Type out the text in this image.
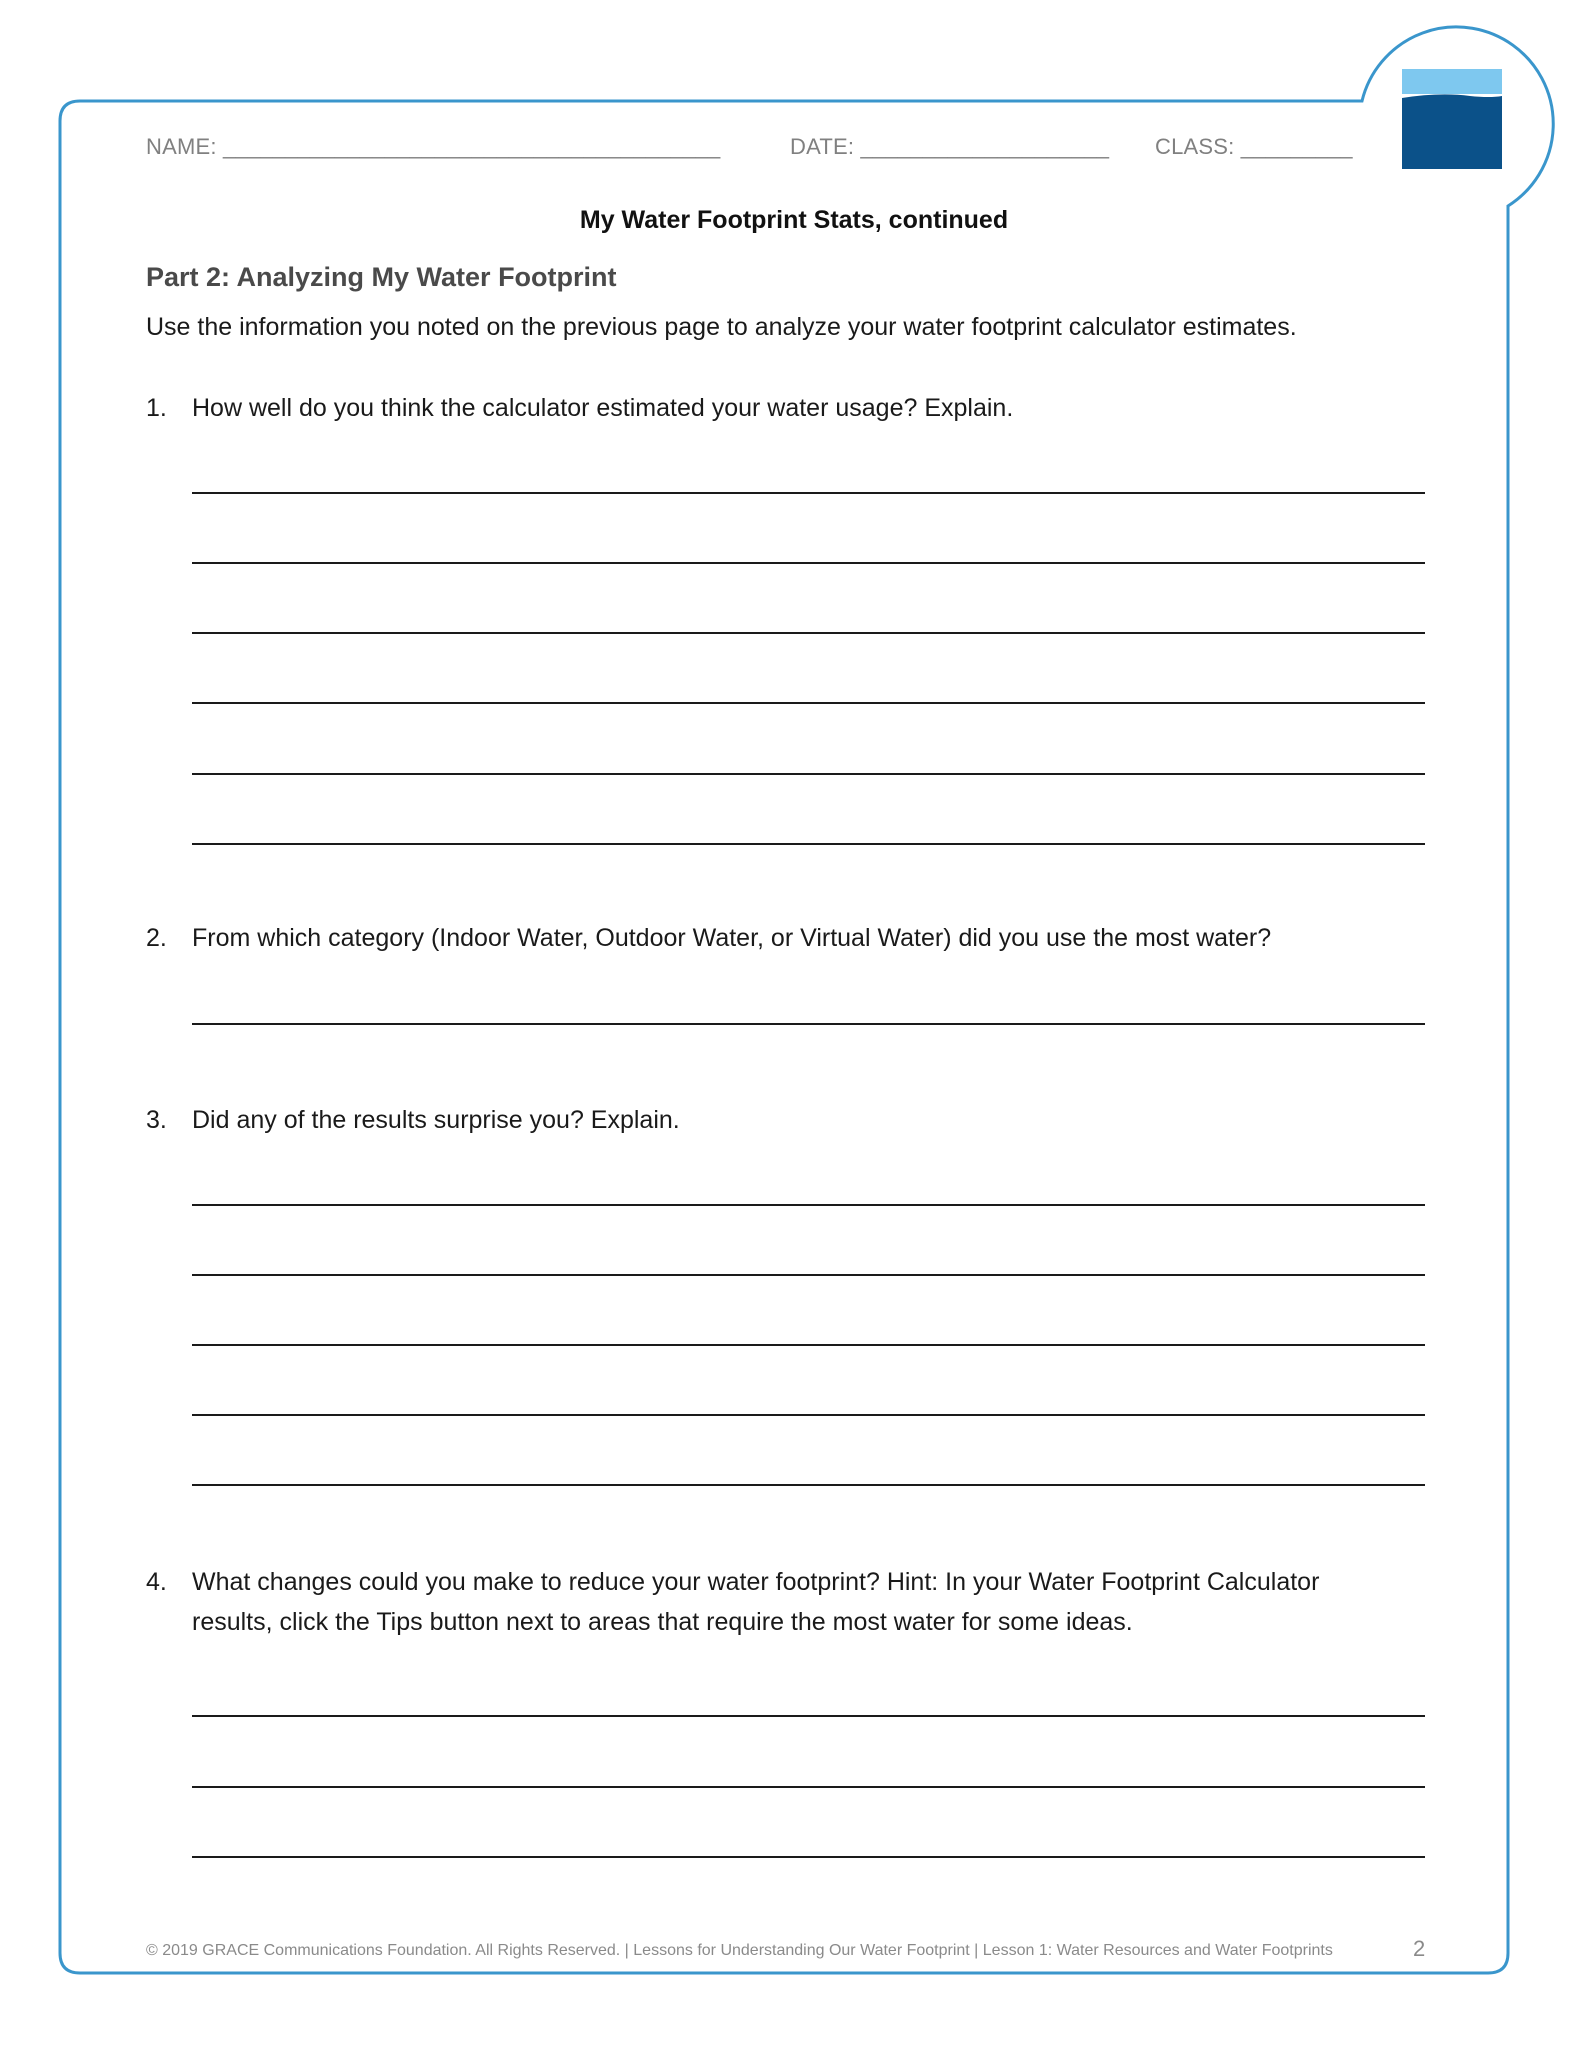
NAME: ________________________________________	DATE: ____________________ CLASS: _________
My Water Footprint Stats, continued
Part 2: Analyzing My Water Footprint
Use the information you noted on the previous page to analyze your water footprint calculator estimates.
1. How well do you think the calculator estimated your water usage? Explain.
2. From which category (Indoor Water, Outdoor Water, or Virtual Water) did you use the most water?
3. Did any of the results surprise you? Explain.
4. What changes could you make to reduce your water footprint? Hint: In your Water Footprint Calculator
results, click the Tips button next to areas that require the most water for some ideas.
© 2019 GRACE Communications Foundation. All Rights Reserved. | Lessons for Understanding Our Water Footprint | Lesson 1: Water Resources and Water Footprints	2
